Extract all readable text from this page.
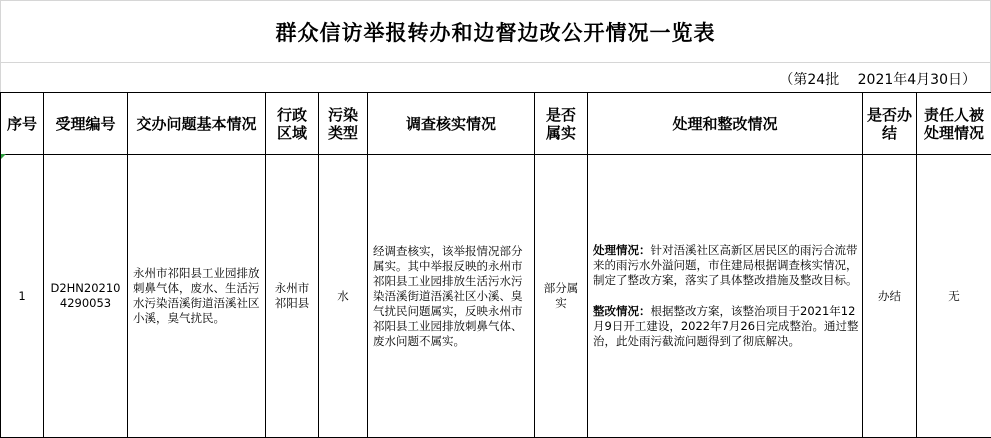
群众信访举报转办和边督边改公开情况一览表
（第24批　 2021年4月30日）
序号	受理编号	交办问题基本情况	行政区域	污染类型	调查核实情况	是否属实	处理和整改情况	是否办结	责任人被处理情况
1	D2HN202104290053	永州市祁阳县工业园排放刺鼻气体，废水、生活污水污染浯溪街道浯溪社区小溪，臭气扰民。	永州市祁阳县	水	经调查核实，该举报情况部分属实。其中举报反映的永州市祁阳县工业园排放生活污水污染浯溪街道浯溪社区小溪、臭气扰民问题属实，反映永州市祁阳县工业园排放刺鼻气体、废水问题不属实。	部分属实	处理情况：针对浯溪社区高新区居民区的雨污合流带来的雨污水外溢问题，市住建局根据调查核实情况，制定了整改方案，落实了具体整改措施及整改目标。

整改情况：根据整改方案，该整治项目于2021年12月9日开工建设，2022年7月26日完成整治。通过整治，此处雨污截流问题得到了彻底解决。	办结	无
